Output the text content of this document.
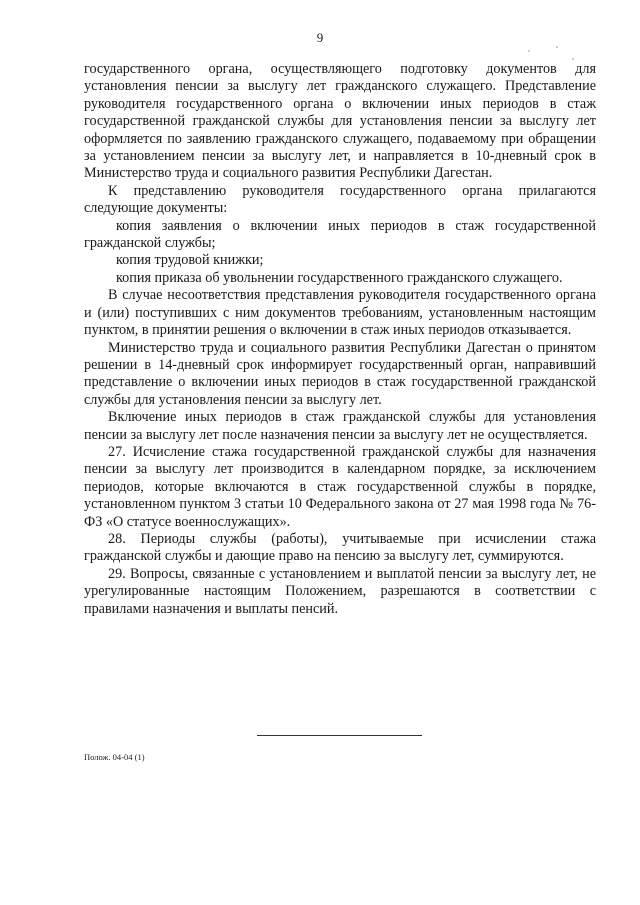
9

государственного органа, осуществляющего подготовку документов для установления пенсии за выслугу лет гражданского служащего. Представление руководителя государственного органа о включении иных периодов в стаж государственной гражданской службы для установления пенсии за выслугу лет оформляется по заявлению гражданского служащего, подаваемому при обращении за установлением пенсии за выслугу лет, и направляется в 10-дневный срок в Министерство труда и социального развития Республики Дагестан.

К представлению руководителя государственного органа прилагаются следующие документы:

копия заявления о включении иных периодов в стаж государственной гражданской службы;

копия трудовой книжки;

копия приказа об увольнении государственного гражданского служащего.

В случае несоответствия представления руководителя государственного органа и (или) поступивших с ним документов требованиям, установленным настоящим пунктом, в принятии решения о включении в стаж иных периодов отказывается.

Министерство труда и социального развития Республики Дагестан о принятом решении в 14-дневный срок информирует государственный орган, направивший представление о включении иных периодов в стаж государственной гражданской службы для установления пенсии за выслугу лет.

Включение иных периодов в стаж гражданской службы для установления пенсии за выслугу лет после назначения пенсии за выслугу лет не осуществляется.

27. Исчисление стажа государственной гражданской службы для назначения пенсии за выслугу лет производится в календарном порядке, за исключением периодов, которые включаются в стаж государственной службы в порядке, установленном пунктом 3 статьи 10 Федерального закона от 27 мая 1998 года № 76-ФЗ «О статусе военнослужащих».

28. Периоды службы (работы), учитываемые при исчислении стажа гражданской службы и дающие право на пенсию за выслугу лет, суммируются.

29. Вопросы, связанные с установлением и выплатой пенсии за выслугу лет, не урегулированные настоящим Положением, разрешаются в соответствии с правилами назначения и выплаты пенсий.

Полож. 04-04 (1)
